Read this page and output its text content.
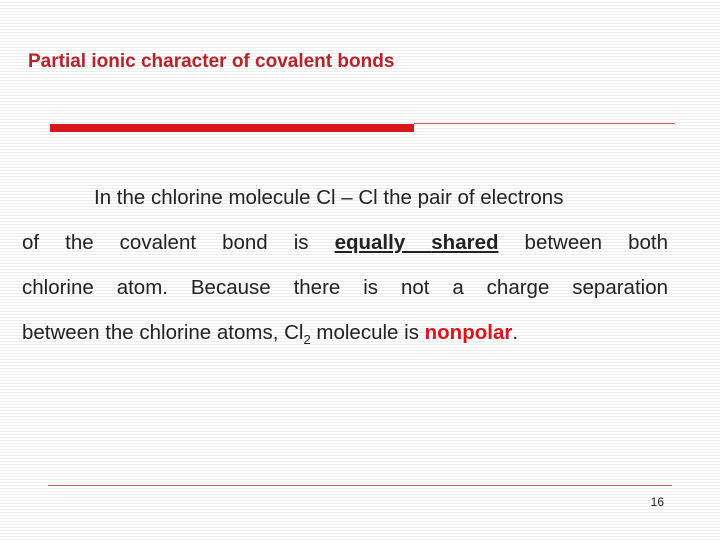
Partial ionic character of covalent bonds
In the chlorine molecule Cl – Cl the pair of electrons
of the covalent bond is equally shared between both
chlorine atom. Because there is not a charge separation
between the chlorine atoms, $Cl_2$ molecule is nonpolar.
16
